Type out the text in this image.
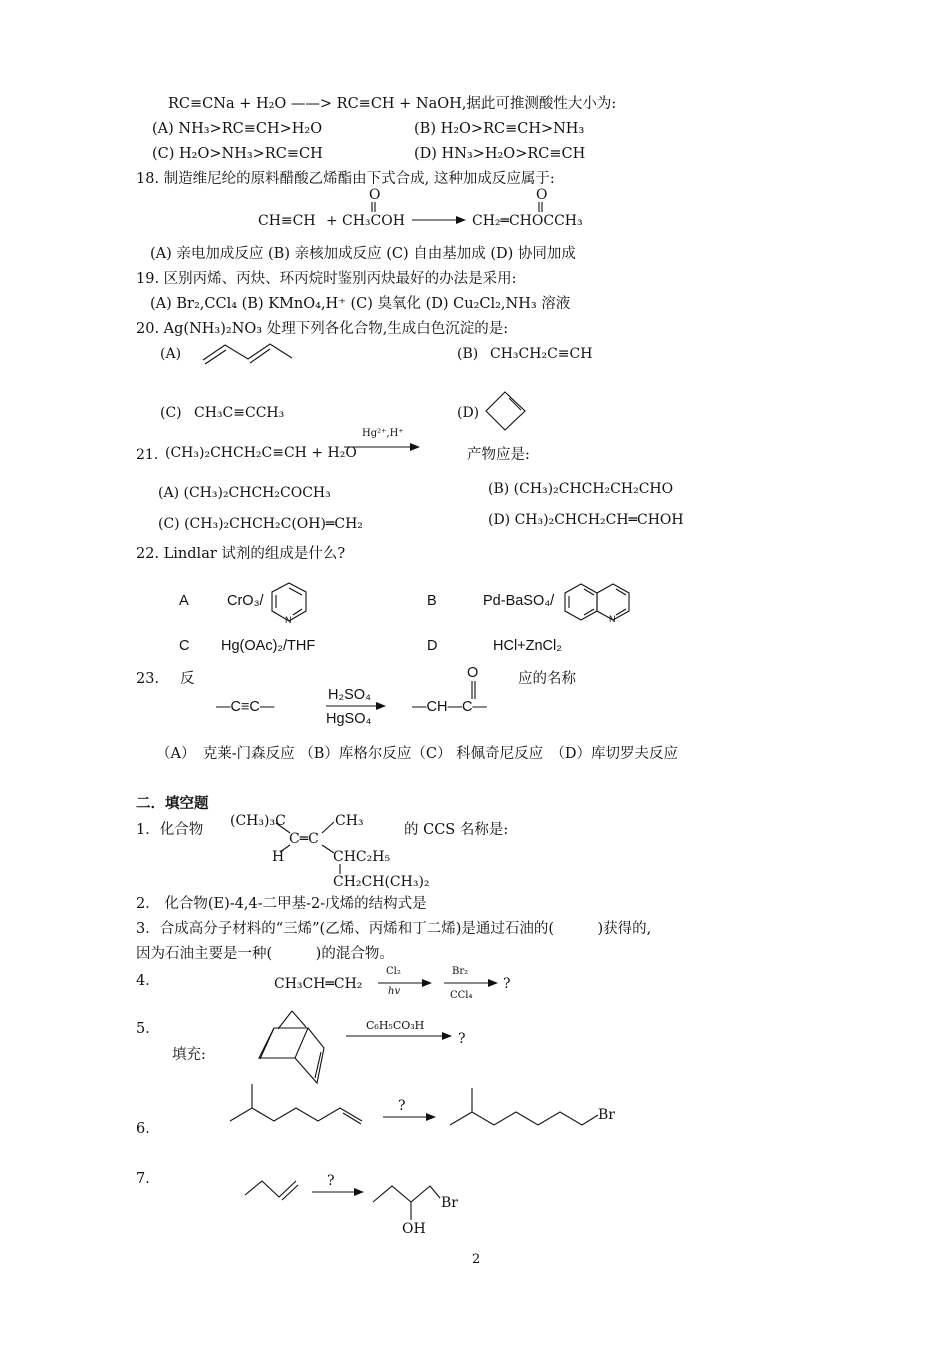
RC≡CNa + H₂O ——> RC≡CH + NaOH,据此可推测酸性大小为:
(A) NH₃>RC≡CH>H₂O	(B) H₂O>RC≡CH>NH₃
(C) H₂O>NH₃>RC≡CH	(D) HN₃>H₂O>RC≡CH
18. 制造维尼纶的原料醋酸乙烯酯由下式合成, 这种加成反应属于:
CH≡CH + CH₃COH
O
CH₂═CHOCCH₃
O
(A) 亲电加成反应 (B) 亲核加成反应 (C) 自由基加成 (D) 协同加成
19. 区别丙烯、丙炔、环丙烷时鉴别丙炔最好的办法是采用:
(A) Br₂,CCl₄ (B) KMnO₄,H⁺ (C) 臭氧化 (D) Cu₂Cl₂,NH₃ 溶液
20. Ag(NH₃)₂NO₃ 处理下列各化合物,生成白色沉淀的是:
(A)	(B) CH₃CH₂C≡CH
(C) CH₃C≡CCH₃	(D)
21. (CH₃)₂CHCH₂C≡CH + H₂O
Hg²⁺,H⁺
产物应是:
(A) (CH₃)₂CHCH₂COCH₃	(B) (CH₃)₂CHCH₂CH₂CHO
(C) (CH₃)₂CHCH₂C(OH)═CH₂	(D) CH₃)₂CHCH₂CH═CHOH
22. Lindlar 试剂的组成是什么?
A	CrO₃/	B	Pd-BaSO₄/
C Hg(OAc)₂/THF	D	HCl+ZnCl₂
23. 反	应的名称
—C≡C—
H₂SO₄
HgSO₄
—CH—C—
O
（A）　克莱-门森反应 （B）库格尔反应（C） 科佩奇尼反应　（D）库切罗夫反应
二．填空题
1．化合物
(CH₃)₃C	CH₃
C═C
H	CHC₂H₅
CH₂CH(CH₃)₂
的 CCS 名称是:
2． 化合物(E)-4,4-二甲基-2-戊烯的结构式是
3．合成高分子材料的“三烯”(乙烯、丙烯和丁二烯)是通过石油的(　　　)获得的,
因为石油主要是一种(　　　)的混合物。
4．	CH₃CH═CH₂
Cl₂
hv
Br₂
CCl₄
?
5．
填充:
C₆H₅CO₃H
?
6．
?
Br
7．	?
Br
OH
2
N	N
